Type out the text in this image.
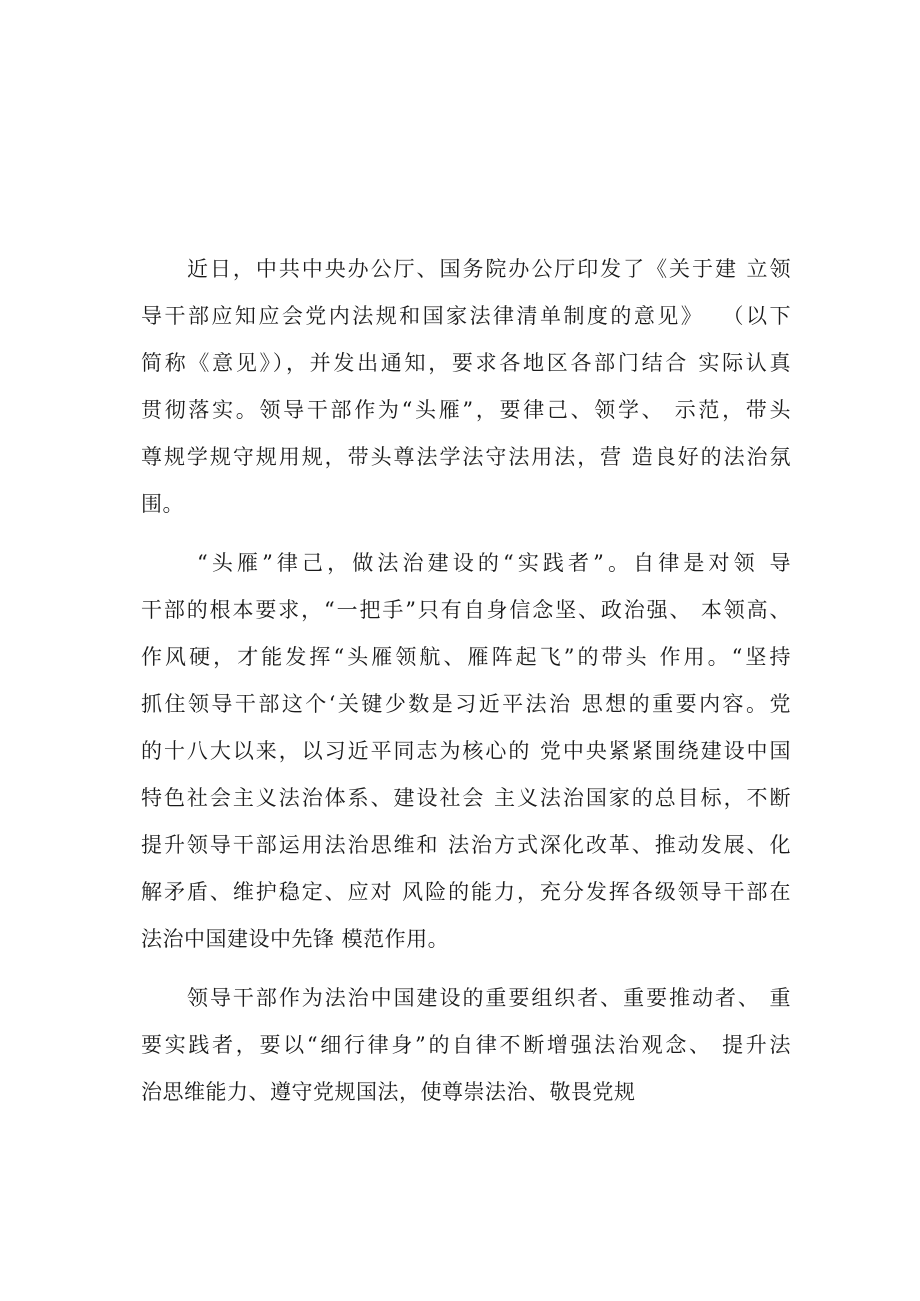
近日，中共中央办公厅、国务院办公厅印发了《关于建 立领
导干部应知应会党内法规和国家法律清单制度的意见》  （以下
简称《意见》），并发出通知，要求各地区各部门结合 实际认真
贯彻落实。领导干部作为“头雁”，要律己、领学、 示范，带头
尊规学规守规用规，带头尊法学法守法用法，营 造良好的法治氛
围。
“头雁”律己，做法治建设的“实践者”。自律是对领 导
干部的根本要求，“一把手”只有自身信念坚、政治强、 本领高、
作风硬，才能发挥“头雁领航、雁阵起飞”的带头 作用。“坚持
抓住领导干部这个‘关键少数是习近平法治 思想的重要内容。党
的十八大以来，以习近平同志为核心的 党中央紧紧围绕建设中国
特色社会主义法治体系、建设社会 主义法治国家的总目标，不断
提升领导干部运用法治思维和 法治方式深化改革、推动发展、化
解矛盾、维护稳定、应对 风险的能力，充分发挥各级领导干部在
法治中国建设中先锋 模范作用。
领导干部作为法治中国建设的重要组织者、重要推动者、 重
要实践者，要以“细行律身”的自律不断增强法治观念、 提升法
治思维能力、遵守党规国法，使尊崇法治、敬畏党规
